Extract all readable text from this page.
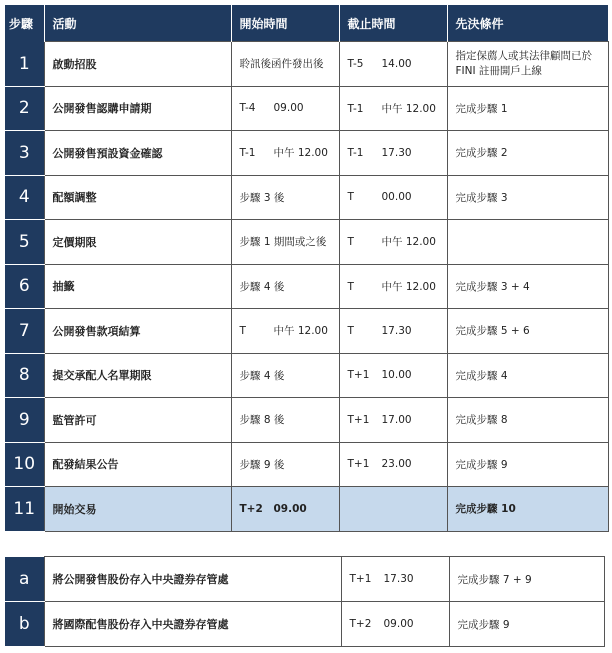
步驟	活動	開始時間	截止時間	先決條件
1	啟動招股	聆訊後函件發出後	T-5 14.00	指定保薦人或其法律顧問已於 FINI 註冊開戶上線
2	公開發售認購申請期	T-4 09.00	T-1 中午 12.00	完成步驟 1
3	公開發售預設資金確認	T-1 中午 12.00	T-1 17.30	完成步驟 2
4	配額調整	步驟 3 後	T 00.00	完成步驟 3
5	定價期限	步驟 1 期間或之後	T 中午 12.00	
6	抽籤	步驟 4 後	T 中午 12.00	完成步驟 3 + 4
7	公開發售款項結算	T 中午 12.00	T 17.30	完成步驟 5 + 6
8	提交承配人名單期限	步驟 4 後	T+1 10.00	完成步驟 4
9	監管許可	步驟 8 後	T+1 17.00	完成步驟 8
10	配發結果公告	步驟 9 後	T+1 23.00	完成步驟 9
11	開始交易	T+2 09.00		完成步驟 10
a	將公開發售股份存入中央證券存管處	T+1 17.30	完成步驟 7 + 9
b	將國際配售股份存入中央證券存管處	T+2 09.00	完成步驟 9
